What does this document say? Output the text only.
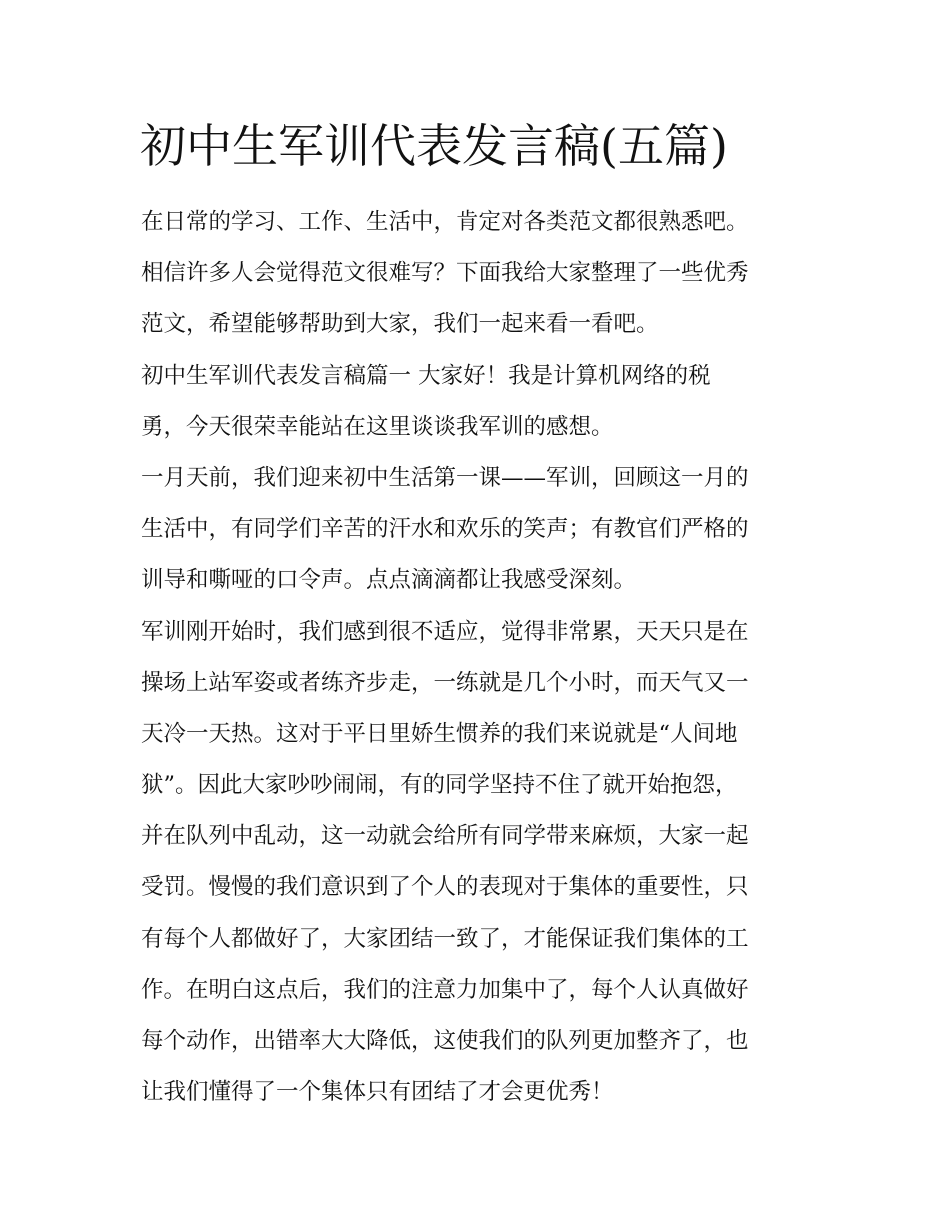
初中生军训代表发言稿(五篇)

在日常的学习、工作、生活中，肯定对各类范文都很熟悉吧。

相信许多人会觉得范文很难写？下面我给大家整理了一些优秀

范文，希望能够帮助到大家，我们一起来看一看吧。

初中生军训代表发言稿篇一 大家好！我是计算机网络的税

勇，今天很荣幸能站在这里谈谈我军训的感想。

一月天前，我们迎来初中生活第一课——军训，回顾这一月的

生活中，有同学们辛苦的汗水和欢乐的笑声；有教官们严格的

训导和嘶哑的口令声。点点滴滴都让我感受深刻。

军训刚开始时，我们感到很不适应，觉得非常累，天天只是在

操场上站军姿或者练齐步走，一练就是几个小时，而天气又一

天冷一天热。这对于平日里娇生惯养的我们来说就是“人间地

狱”。因此大家吵吵闹闹，有的同学坚持不住了就开始抱怨，

并在队列中乱动，这一动就会给所有同学带来麻烦，大家一起

受罚。慢慢的我们意识到了个人的表现对于集体的重要性，只

有每个人都做好了，大家团结一致了，才能保证我们集体的工

作。在明白这点后，我们的注意力加集中了，每个人认真做好

每个动作，出错率大大降低，这使我们的队列更加整齐了，也

让我们懂得了一个集体只有团结了才会更优秀！
